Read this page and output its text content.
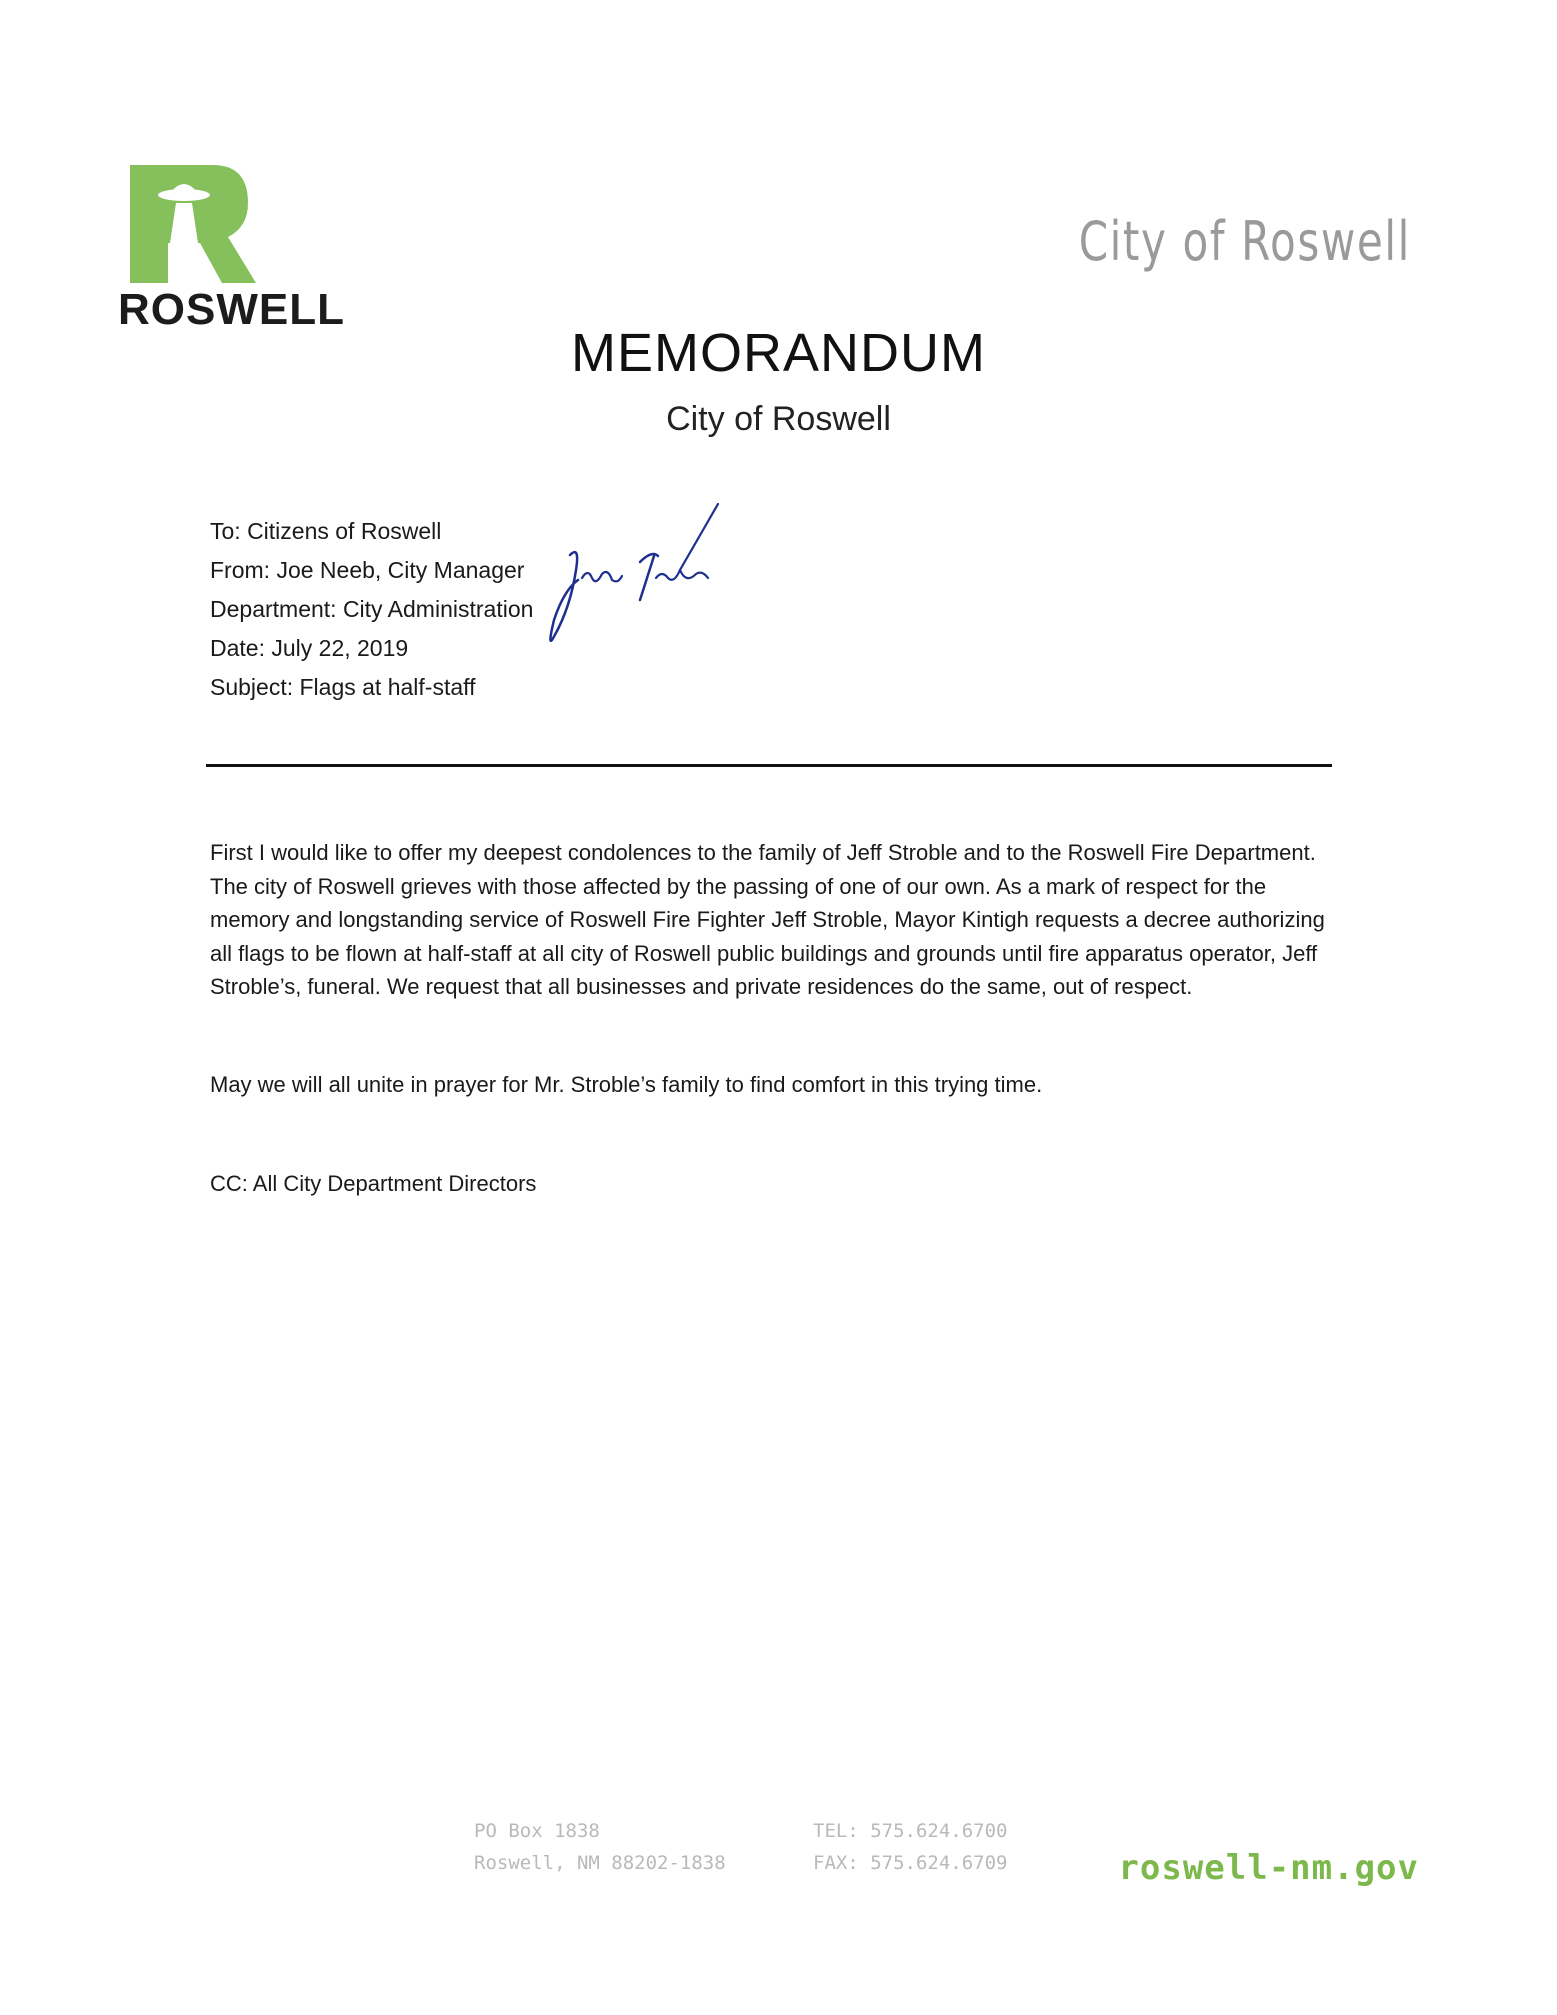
ROSWELL
City of Roswell
MEMORANDUM
City of Roswell
To: Citizens of Roswell
From: Joe Neeb, City Manager
Department: City Administration
Date: July 22, 2019
Subject: Flags at half-staff
First I would like to offer my deepest condolences to the family of Jeff Stroble and to the Roswell Fire Department. The city of Roswell grieves with those affected by the passing of one of our own. As a mark of respect for the memory and longstanding service of Roswell Fire Fighter Jeff Stroble, Mayor Kintigh requests a decree authorizing all flags to be flown at half-staff at all city of Roswell public buildings and grounds until fire apparatus operator, Jeff Stroble’s, funeral. We request that all businesses and private residences do the same, out of respect.
May we will all unite in prayer for Mr. Stroble’s family to find comfort in this trying time.
CC: All City Department Directors
PO Box 1838
Roswell, NM 88202-1838
TEL: 575.624.6700
FAX: 575.624.6709	roswell-nm.gov
